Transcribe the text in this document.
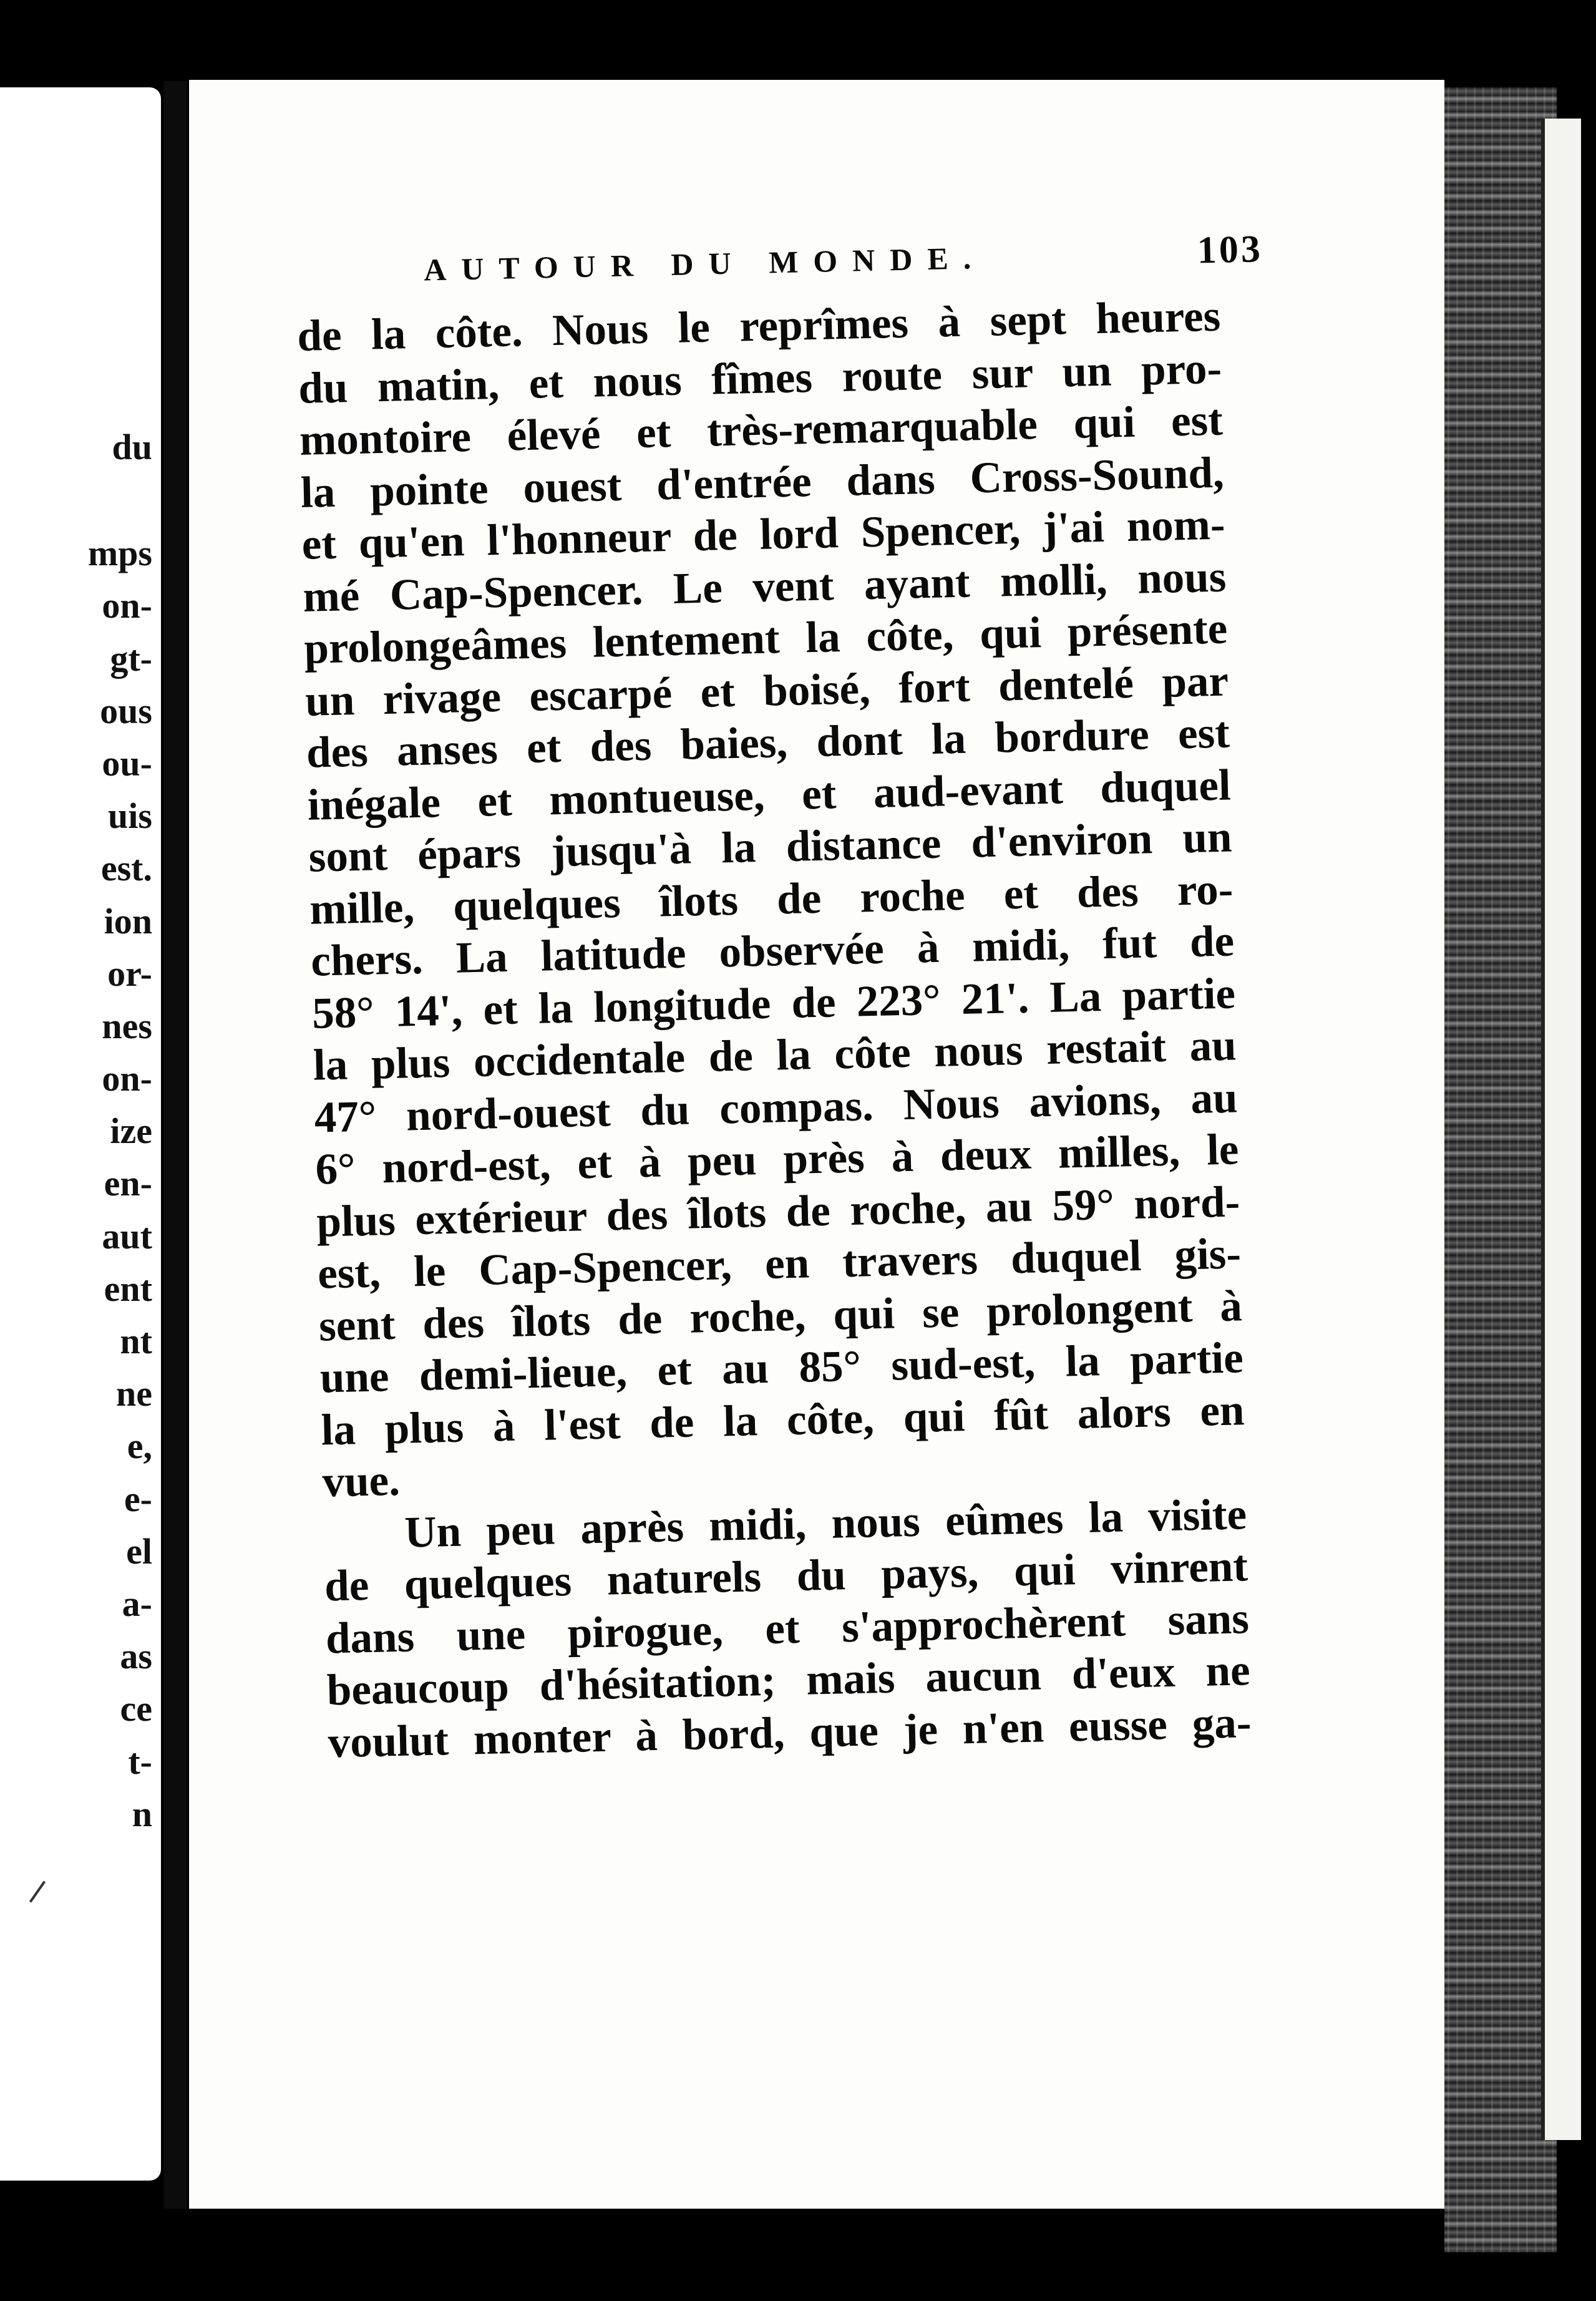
du
mps
on-
gt-
ous
ou-
uis
est.
ion
or-
nes
on-
ize
en-
aut
ent
nt
ne
e,
e-
el
a-
as
ce
t-
n
AUTOUR DU MONDE.	103
de la côte. Nous le reprîmes à sept heures
du matin, et nous fîmes route sur un pro-
montoire élevé et très-remarquable qui est
la pointe ouest d'entrée dans Cross-Sound,
et qu'en l'honneur de lord Spencer, j'ai nom-
mé Cap-Spencer. Le vent ayant molli, nous
prolongeâmes lentement la côte, qui présente
un rivage escarpé et boisé, fort dentelé par
des anses et des baies, dont la bordure est
inégale et montueuse, et aud-evant duquel
sont épars jusqu'à la distance d'environ un
mille, quelques îlots de roche et des ro-
chers. La latitude observée à midi, fut de
58° 14', et la longitude de 223° 21'. La partie
la plus occidentale de la côte nous restait au
47° nord-ouest du compas. Nous avions, au
6° nord-est, et à peu près à deux milles, le
plus extérieur des îlots de roche, au 59° nord-
est, le Cap-Spencer, en travers duquel gis-
sent des îlots de roche, qui se prolongent à
une demi-lieue, et au 85° sud-est, la partie
la plus à l'est de la côte, qui fût alors en
vue.
Un peu après midi, nous eûmes la visite
de quelques naturels du pays, qui vinrent
dans une pirogue, et s'approchèrent sans
beaucoup d'hésitation; mais aucun d'eux ne
voulut monter à bord, que je n'en eusse ga-
